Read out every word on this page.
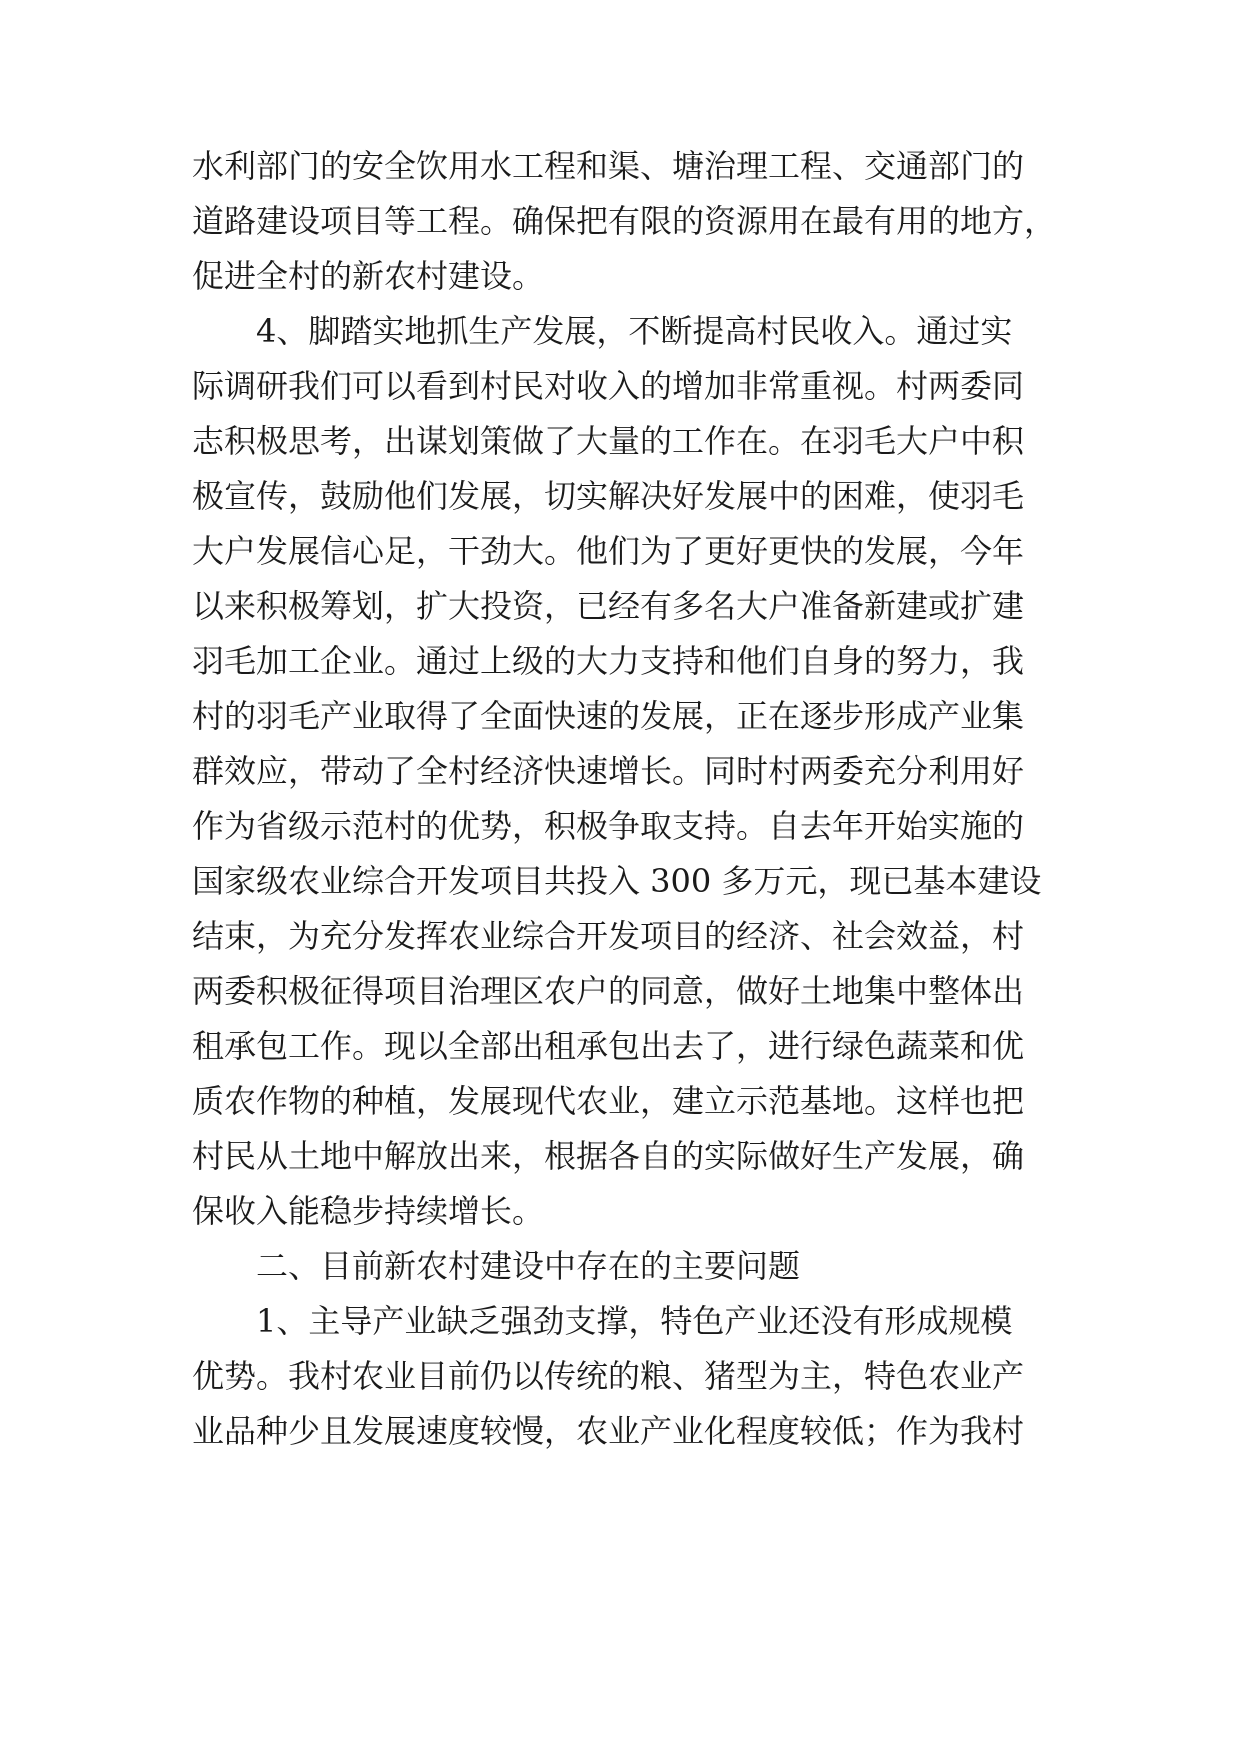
水利部门的安全饮用水工程和渠、塘治理工程、交通部门的
道路建设项目等工程。确保把有限的资源用在最有用的地方，
促进全村的新农村建设。
4、脚踏实地抓生产发展，不断提高村民收入。通过实
际调研我们可以看到村民对收入的增加非常重视。村两委同
志积极思考，出谋划策做了大量的工作在。在羽毛大户中积
极宣传，鼓励他们发展，切实解决好发展中的困难，使羽毛
大户发展信心足，干劲大。他们为了更好更快的发展，今年
以来积极筹划，扩大投资，已经有多名大户准备新建或扩建
羽毛加工企业。通过上级的大力支持和他们自身的努力，我
村的羽毛产业取得了全面快速的发展，正在逐步形成产业集
群效应，带动了全村经济快速增长。同时村两委充分利用好
作为省级示范村的优势，积极争取支持。自去年开始实施的
国家级农业综合开发项目共投入 300 多万元，现已基本建设
结束，为充分发挥农业综合开发项目的经济、社会效益，村
两委积极征得项目治理区农户的同意，做好土地集中整体出
租承包工作。现以全部出租承包出去了，进行绿色蔬菜和优
质农作物的种植，发展现代农业，建立示范基地。这样也把
村民从土地中解放出来，根据各自的实际做好生产发展，确
保收入能稳步持续增长。
二、目前新农村建设中存在的主要问题
1、主导产业缺乏强劲支撑，特色产业还没有形成规模
优势。我村农业目前仍以传统的粮、猪型为主，特色农业产
业品种少且发展速度较慢，农业产业化程度较低；作为我村
